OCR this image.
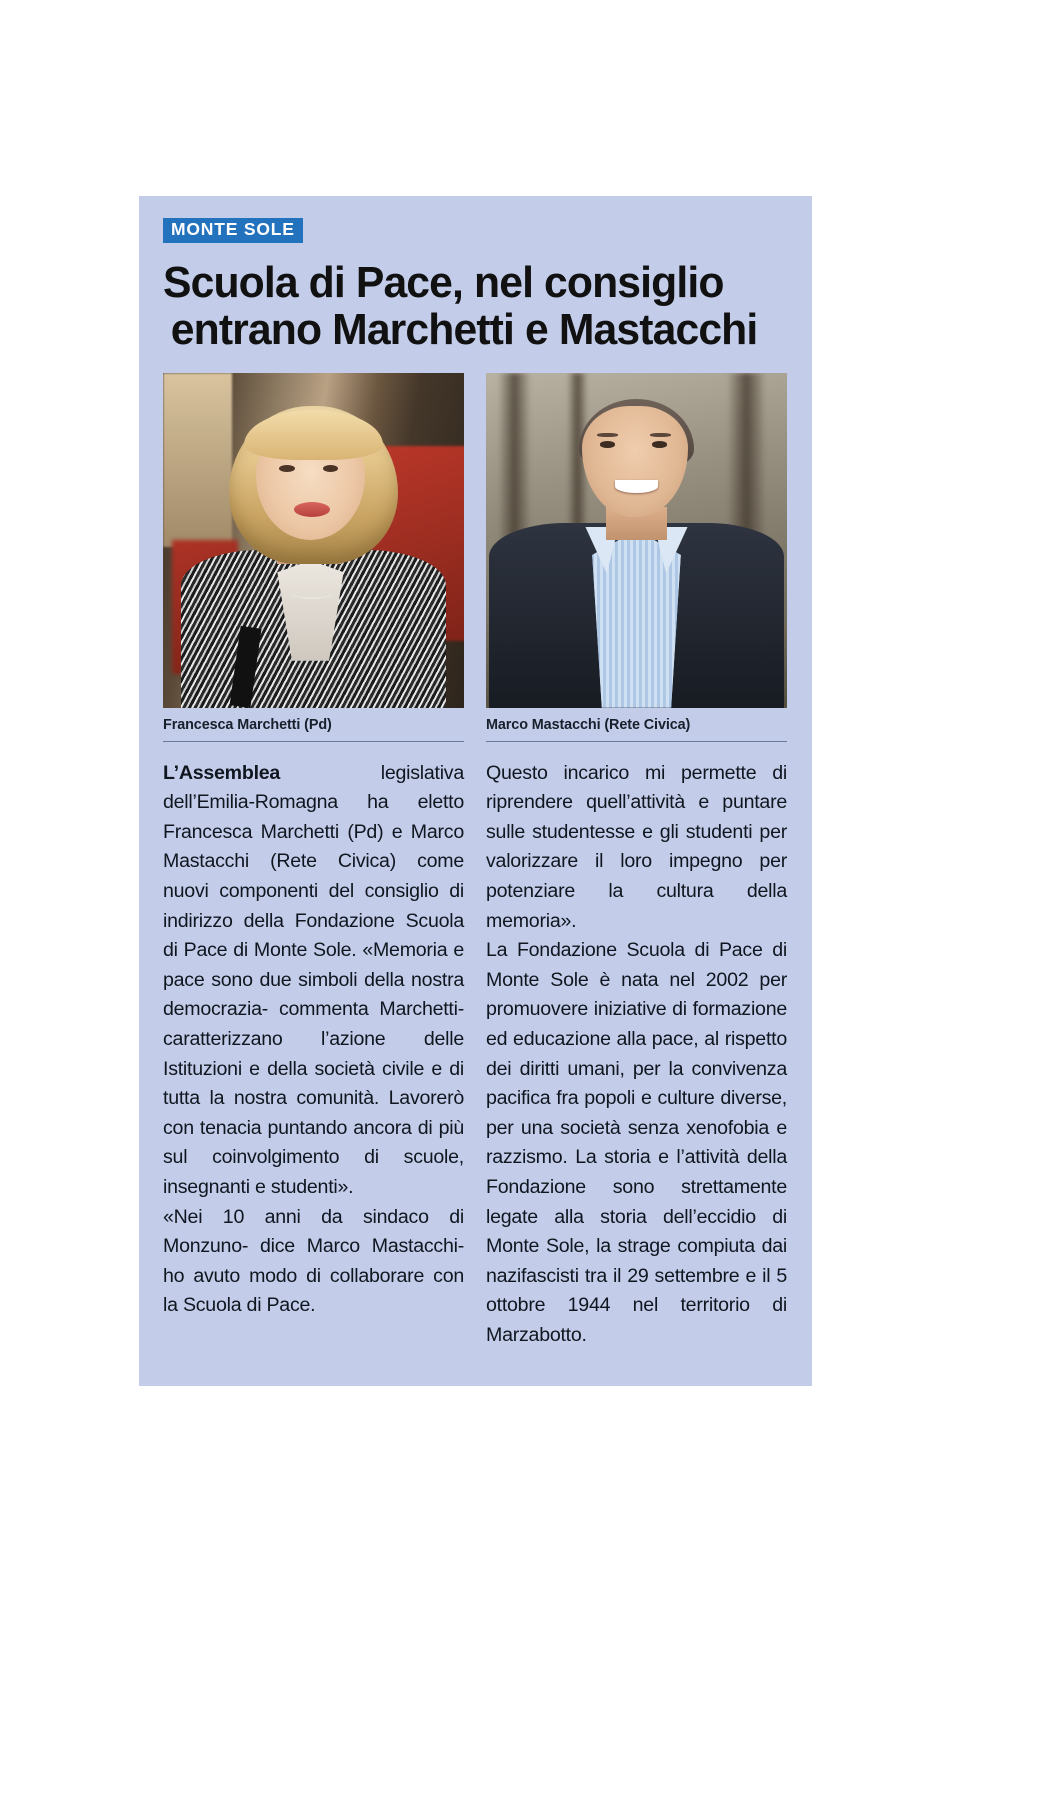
MONTE SOLE
Scuola di Pace, nel consiglio
entrano Marchetti e Mastacchi
Francesca Marchetti (Pd)	Marco Mastacchi (Rete Civica)

L’Assemblea legislativa dell’Emilia-Romagna ha eletto Francesca Marchetti (Pd) e Marco Mastacchi (Rete Civica) come nuovi componenti del consiglio di indirizzo della Fondazione Scuola di Pace di Monte Sole. «Memoria e pace sono due simboli della nostra democrazia- commenta Marchetti- caratterizzano l’azione delle Istituzioni e della società civile e di tutta la nostra comunità. Lavorerò con tenacia puntando ancora di più sul coinvolgimento di scuole, insegnanti e studenti».

«Nei 10 anni da sindaco di Monzuno- dice Marco Mastacchi- ho avuto modo di collaborare con la Scuola di Pace.

Questo incarico mi permette di riprendere quell’attività e puntare sulle studentesse e gli studenti per valorizzare il loro impegno per potenziare la cultura della memoria».

La Fondazione Scuola di Pace di Monte Sole è nata nel 2002 per promuovere iniziative di formazione ed educazione alla pace, al rispetto dei diritti umani, per la convivenza pacifica fra popoli e culture diverse, per una società senza xenofobia e razzismo. La storia e l’attività della Fondazione sono strettamente legate alla storia dell’eccidio di Monte Sole, la strage compiuta dai nazifascisti tra il 29 settembre e il 5 ottobre 1944 nel territorio di Marzabotto.
